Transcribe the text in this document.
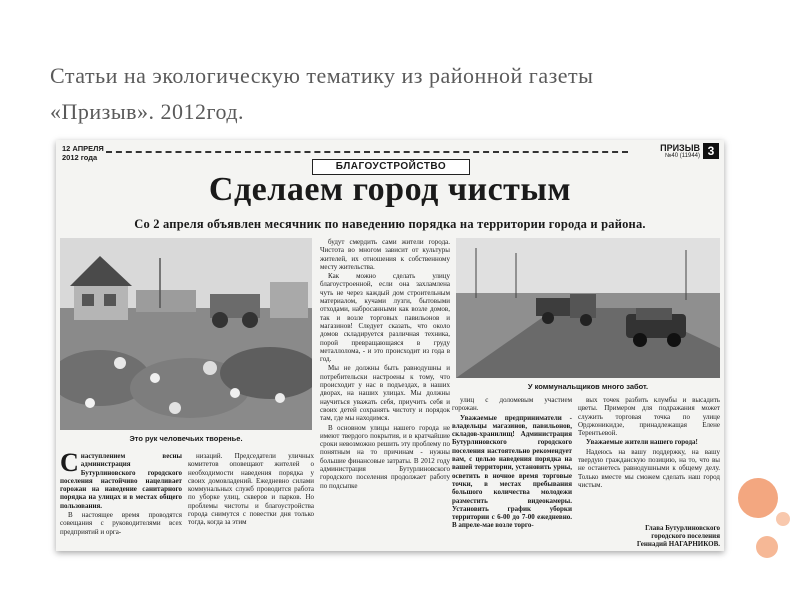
Статьи на экологическую тематику из районной газеты «Призыв». 2012год.
12 АПРЕЛЯ
2012 года
ПРИЗЫВ
№40 (11944) 3
БЛАГОУСТРОЙСТВО
Сделаем город чистым
Со 2 апреля объявлен месячник по наведению порядка на территории города и района.
Это рук человечьих творенье.

будут смердить сами жители города. Чистота во многом зависит от культуры жителей, их отношения к собственному месту жительства.

Как можно сделать улицу благоустроенной, если она захламлена чуть не через каждый дом строительным материалом, кучами лузги, бытовыми отходами, набросанными как возле домов, так и возле торговых павильонов и магазинов! Следует сказать, что около домов складируется различная техника, порой превращающаяся в груду металлолома, - и это происходит из года в год.

Мы не должны быть равнодушны и потребительски настроены к тому, что происходит у нас в подъездах, в наших дворах, на наших улицах. Мы должны научиться уважать себя, приучить себя и своих детей сохранять чистоту и порядок там, где мы находимся.

В основном улицы нашего города не имеют твердого покрытия, и в кратчайшие сроки невозможно решить эту проблему по понятным на то причинам - нужны большие финансовые затраты. В 2012 году администрация Бутурлиновского городского поселения продолжает работу по подсыпке

У коммунальщиков много забот.

Снаступлением весны администрация Бутурлиновского городского поселения настойчиво нацеливает горожан на наведение санитарного порядка на улицах и в местах общего пользования.

В настоящее время проводятся совещания с руководителями всех предприятий и орга-

низаций. Председатели уличных комитетов оповещают жителей о необходимости наведения порядка у своих домовладений. Ежедневно силами коммунальных служб проводится работа по уборке улиц, скверов и парков. Но проблемы чистоты и благоустройства города снимутся с повестки дня только тогда, когда за этим

улиц с доломевым участием горожан.

Уважаемые предприниматели - владельцы магазинов, павильонов, складов-хранилищ! Администрация Бутурлиновского городского поселения настоятельно рекомендует вам, с целью наведения порядка на вашей территории, установить урны, осветить в ночное время торговые точки, в местах пребывания большого количества молодежи разместить видеокамеры. Установить график уборки территории с 6-00 до 7-00 ежедневно. В апреле-мае возле торго-

вых точек разбить клумбы и высадить цветы. Примером для подражания может служить торговая точка по улице Орджоникидзе, принадлежащая Елене Терентьевой.

Уважаемые жители нашего города!

Надеюсь на вашу поддержку, на вашу твердую гражданскую позицию, на то, что вы не останетесь равнодушными к общему делу. Только вместе мы сможем сделать наш город чистым.

Глава Бутурлиновского
городского поселения
Геннадий НАГАРНИКОВ.
